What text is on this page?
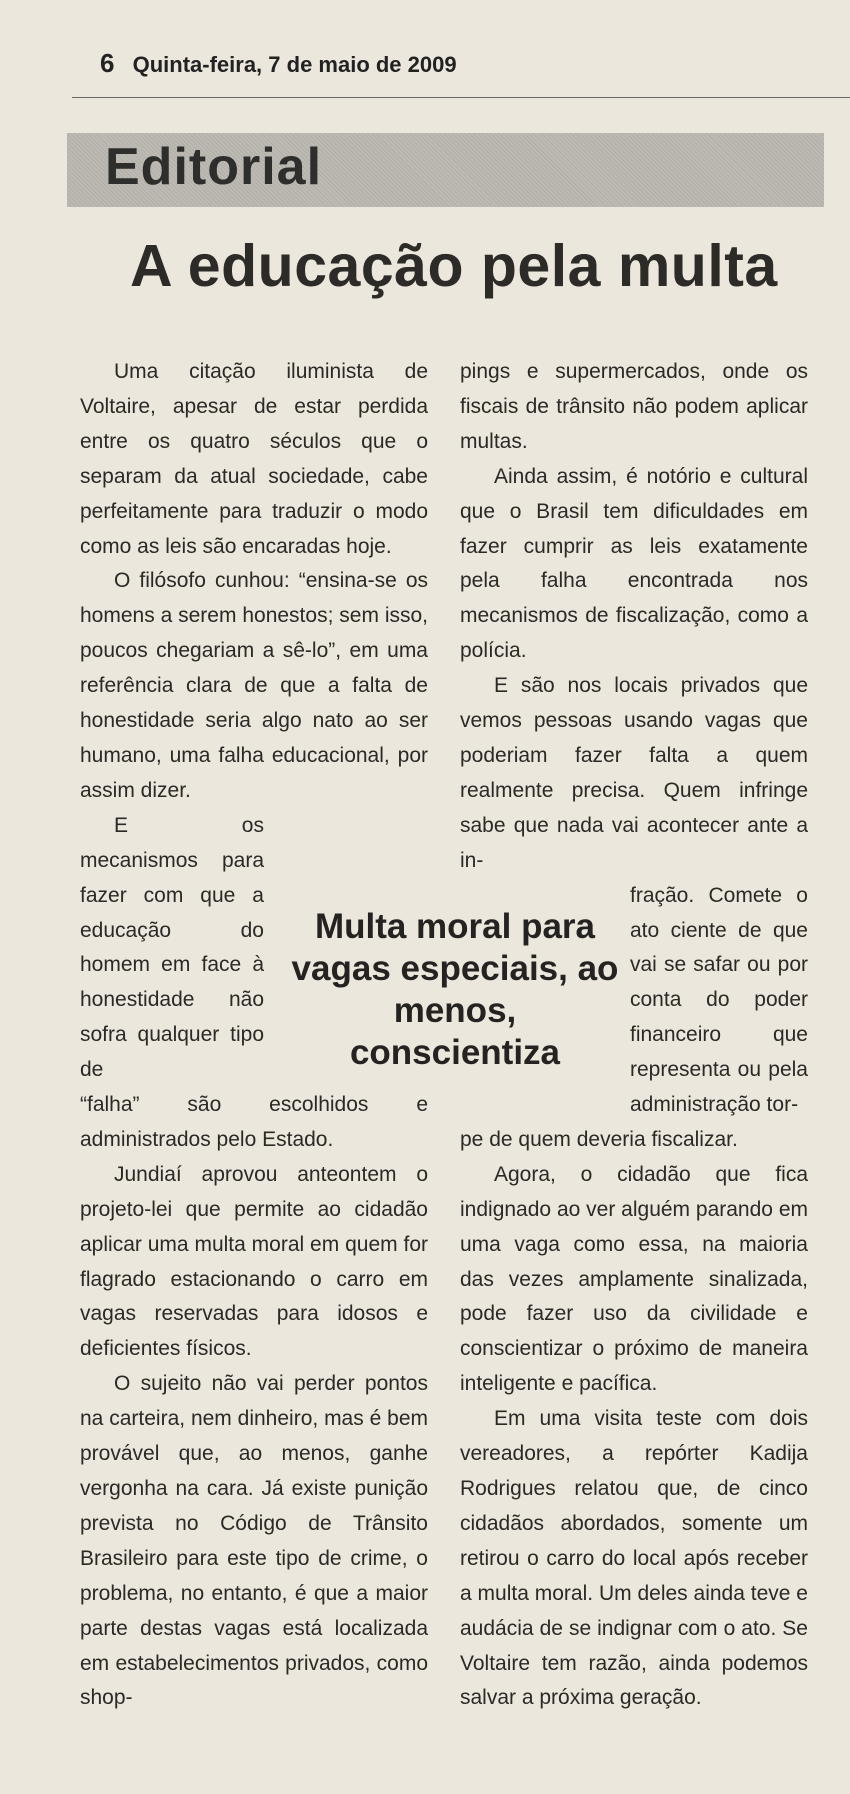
6 Quinta-feira, 7 de maio de 2009
Editorial
A educação pela multa

Uma citação iluminista de Voltaire, apesar de estar perdida entre os quatro séculos que o separam da atual sociedade, cabe perfeitamente para traduzir o modo como as leis são encaradas hoje.

O filósofo cunhou: “ensina-se os homens a serem honestos; sem isso, poucos chegariam a sê-lo”, em uma referência clara de que a falta de honestidade seria algo nato ao ser humano, uma falha educacional, por assim dizer.

E os mecanismos para fazer com que a educação do homem em face à honestidade não sofra qualquer tipo de

“falha” são escolhidos e administrados pelo Estado.

Jundiaí aprovou anteontem o projeto-lei que permite ao cidadão aplicar uma multa moral em quem for flagrado estacionando o carro em vagas reservadas para idosos e deficientes físicos.

O sujeito não vai perder pontos na carteira, nem dinheiro, mas é bem provável que, ao menos, ganhe vergonha na cara. Já existe punição prevista no Código de Trânsito Brasileiro para este tipo de crime, o problema, no entanto, é que a maior parte destas vagas está localizada em estabelecimentos privados, como shop-

pings e supermercados, onde os fiscais de trânsito não podem aplicar multas.

Ainda assim, é notório e cultural que o Brasil tem dificuldades em fazer cumprir as leis exatamente pela falha encontrada nos mecanismos de fiscalização, como a polícia.

E são nos locais privados que vemos pessoas usando vagas que poderiam fazer falta a quem realmente precisa. Quem infringe sabe que nada vai acontecer ante a in-

fração. Comete o ato ciente de que vai se safar ou por conta do poder financeiro que representa ou pela administração tor-

pe de quem deveria fiscalizar.

Agora, o cidadão que fica indignado ao ver alguém parando em uma vaga como essa, na maioria das vezes amplamente sinalizada, pode fazer uso da civilidade e conscientizar o próximo de maneira inteligente e pacífica.

Em uma visita teste com dois vereadores, a repórter Kadija Rodrigues relatou que, de cinco cidadãos abordados, somente um retirou o carro do local após receber a multa moral. Um deles ainda teve e audácia de se indignar com o ato. Se Voltaire tem razão, ainda podemos salvar a próxima geração.

Multa moral para
vagas especiais, ao
menos, conscientiza
